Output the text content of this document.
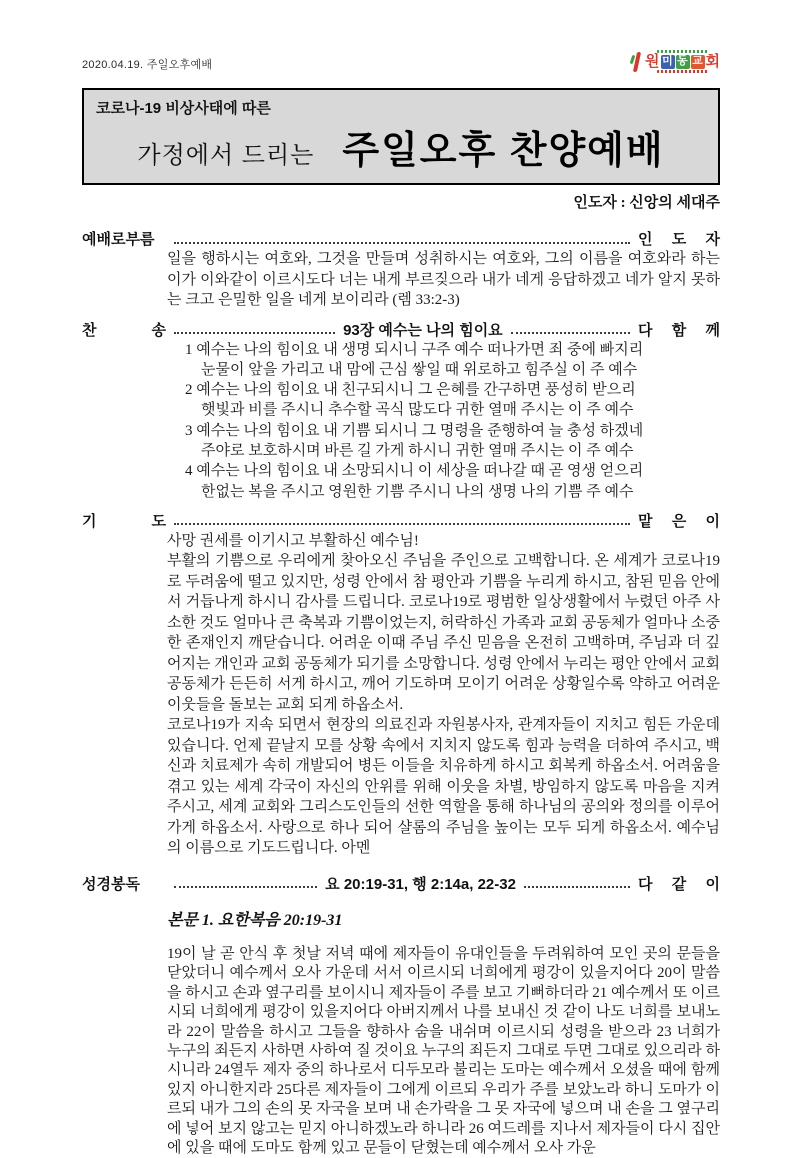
2020.04.19. 주일오후예배	원 미 동 교 회
코로나-19 비상사태에 따른
가정에서 드리는 주일오후 찬양예배
인도자 : 신앙의 세대주
예배로부름	인 도 자

일을 행하시는 여호와, 그것을 만들며 성취하시는 여호와, 그의 이름을 여호와라 하는 이가 이와같이 이르시도다 너는 내게 부르짖으라 내가 네게 응답하겠고 네가 알지 못하는 크고 은밀한 일을 네게 보이리라 (렘 33:2-3)

찬 송	93장 예수는 나의 힘이요	다 함 께
1 예수는 나의 힘이요 내 생명 되시니 구주 예수 떠나가면 죄 중에 빠지리
눈물이 앞을 가리고 내 맘에 근심 쌓일 때 위로하고 힘주실 이 주 예수
2 예수는 나의 힘이요 내 친구되시니 그 은혜를 간구하면 풍성히 받으리
햇빛과 비를 주시니 추수할 곡식 많도다 귀한 열매 주시는 이 주 예수
3 예수는 나의 힘이요 내 기쁨 되시니 그 명령을 준행하여 늘 충성 하겠네
주야로 보호하시며 바른 길 가게 하시니 귀한 열매 주시는 이 주 예수
4 예수는 나의 힘이요 내 소망되시니 이 세상을 떠나갈 때 곧 영생 얻으리
한없는 복을 주시고 영원한 기쁨 주시니 나의 생명 나의 기쁨 주 예수
기 도	맡 은 이

사망 권세를 이기시고 부활하신 예수님!

부활의 기쁨으로 우리에게 찾아오신 주님을 주인으로 고백합니다. 온 세계가 코로나19로 두려움에 떨고 있지만, 성령 안에서 참 평안과 기쁨을 누리게 하시고, 참된 믿음 안에서 거듭나게 하시니 감사를 드립니다. 코로나19로 평범한 일상생활에서 누렸던 아주 사소한 것도 얼마나 큰 축복과 기쁨이었는지, 허락하신 가족과 교회 공동체가 얼마나 소중한 존재인지 깨닫습니다. 어려운 이때 주님 주신 믿음을 온전히 고백하며, 주님과 더 깊어지는 개인과 교회 공동체가 되기를 소망합니다. 성령 안에서 누리는 평안 안에서 교회 공동체가 든든히 서게 하시고, 깨어 기도하며 모이기 어려운 상황일수록 약하고 어려운 이웃들을 돌보는 교회 되게 하옵소서.

코로나19가 지속 되면서 현장의 의료진과 자원봉사자, 관계자들이 지치고 힘든 가운데 있습니다. 언제 끝날지 모를 상황 속에서 지치지 않도록 힘과 능력을 더하여 주시고, 백신과 치료제가 속히 개발되어 병든 이들을 치유하게 하시고 회복케 하옵소서. 어려움을 겪고 있는 세계 각국이 자신의 안위를 위해 이웃을 차별, 방임하지 않도록 마음을 지켜주시고, 세계 교회와 그리스도인들의 선한 역할을 통해 하나님의 공의와 정의를 이루어 가게 하옵소서. 사랑으로 하나 되어 샬롬의 주님을 높이는 모두 되게 하옵소서. 예수님의 이름으로 기도드립니다. 아멘

성경봉독	요 20:19-31, 행 2:14a, 22-32	다 같 이
본문 1. 요한복음 20:19-31

19이 날 곧 안식 후 첫날 저녁 때에 제자들이 유대인들을 두려워하여 모인 곳의 문들을 닫았더니 예수께서 오사 가운데 서서 이르시되 너희에게 평강이 있을지어다 20이 말씀을 하시고 손과 옆구리를 보이시니 제자들이 주를 보고 기뻐하더라 21 예수께서 또 이르시되 너희에게 평강이 있을지어다 아버지께서 나를 보내신 것 같이 나도 너희를 보내노라 22이 말씀을 하시고 그들을 향하사 숨을 내쉬며 이르시되 성령을 받으라 23 너희가 누구의 죄든지 사하면 사하여 질 것이요 누구의 죄든지 그대로 두면 그대로 있으리라 하시니라 24열두 제자 중의 하나로서 디두모라 불리는 도마는 예수께서 오셨을 때에 함께 있지 아니한지라 25다른 제자들이 그에게 이르되 우리가 주를 보았노라 하니 도마가 이르되 내가 그의 손의 못 자국을 보며 내 손가락을 그 못 자국에 넣으며 내 손을 그 옆구리에 넣어 보지 않고는 믿지 아니하겠노라 하니라 26 여드레를 지나서 제자들이 다시 집안에 있을 때에 도마도 함께 있고 문들이 닫혔는데 예수께서 오사 가운
